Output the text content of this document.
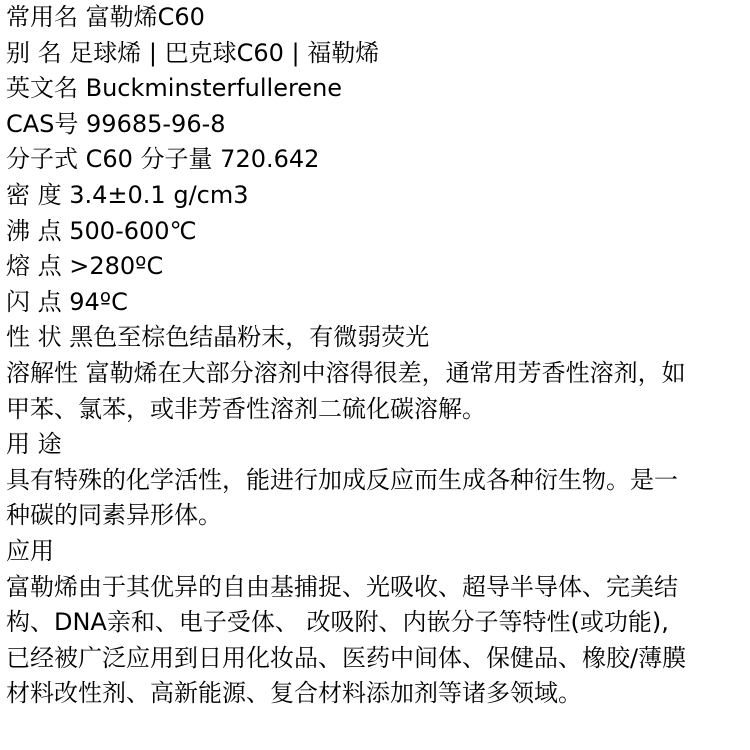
常用名 富勒烯C60
别 名 足球烯 | 巴克球C60 | 福勒烯
英文名 Buckminsterfullerene
CAS号 99685-96-8
分子式 C60 分子量 720.642
密 度 3.4±0.1 g/cm3
沸 点 500-600℃
熔 点 >280ºC
闪 点 94ºC
性 状 黑色至棕色结晶粉末，有微弱荧光
溶解性 富勒烯在大部分溶剂中溶得很差，通常用芳香性溶剂，如
甲苯、氯苯，或非芳香性溶剂二硫化碳溶解。
用 途
具有特殊的化学活性，能进行加成反应而生成各种衍生物。是一
种碳的同素异形体。
应用
富勒烯由于其优异的自由基捕捉、光吸收、超导半导体、完美结
构、DNA亲和、电子受体、 改吸附、内嵌分子等特性(或功能),
已经被广泛应用到日用化妆品、医药中间体、保健品、橡胶/薄膜
材料改性剂、高新能源、复合材料添加剂等诸多领域。
